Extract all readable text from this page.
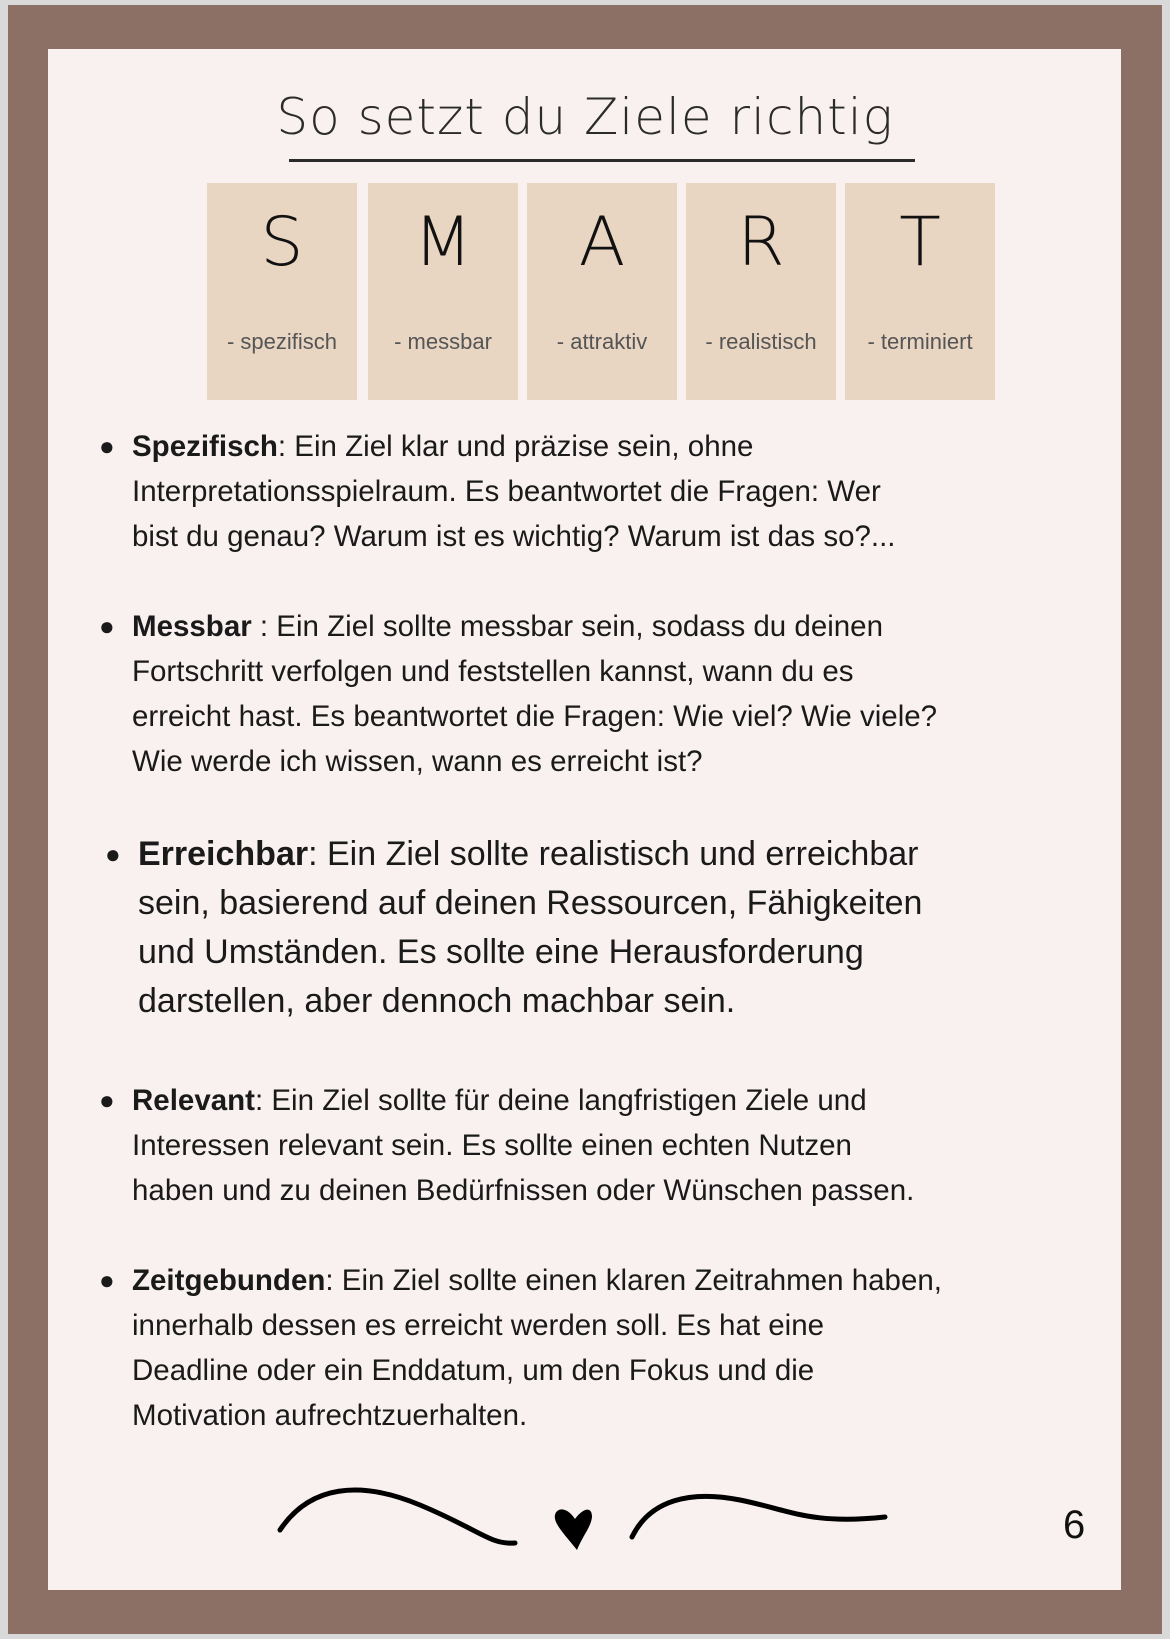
So setzt du Ziele richtig
S
- spezifisch
M
- messbar
A
- attraktiv
R
- realistisch
T
- terminiert
● Spezifisch: Ein Ziel klar und präzise sein, ohne
Interpretationsspielraum. Es beantwortet die Fragen: Wer
bist du genau? Warum ist es wichtig? Warum ist das so?...
● Messbar : Ein Ziel sollte messbar sein, sodass du deinen
Fortschritt verfolgen und feststellen kannst, wann du es
erreicht hast. Es beantwortet die Fragen: Wie viel? Wie viele?
Wie werde ich wissen, wann es erreicht ist?
● Erreichbar: Ein Ziel sollte realistisch und erreichbar
sein, basierend auf deinen Ressourcen, Fähigkeiten
und Umständen. Es sollte eine Herausforderung
darstellen, aber dennoch machbar sein.
● Relevant: Ein Ziel sollte für deine langfristigen Ziele und
Interessen relevant sein. Es sollte einen echten Nutzen
haben und zu deinen Bedürfnissen oder Wünschen passen.
● Zeitgebunden: Ein Ziel sollte einen klaren Zeitrahmen haben,
innerhalb dessen es erreicht werden soll. Es hat eine
Deadline oder ein Enddatum, um den Fokus und die
Motivation aufrechtzuerhalten.
6
